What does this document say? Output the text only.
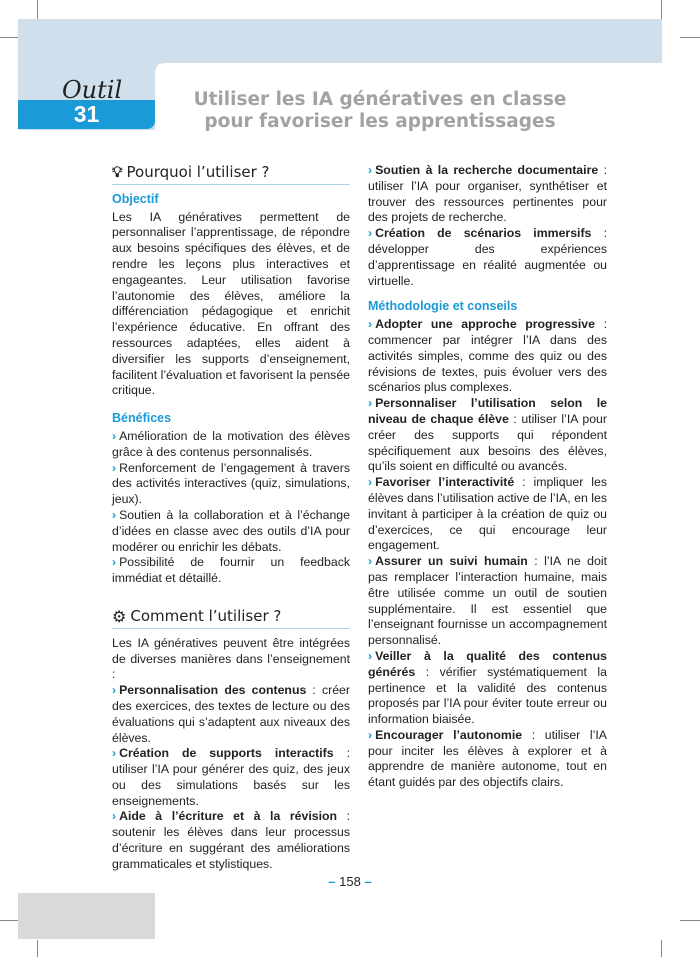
Outil
31
Utiliser les IA génératives en classe
pour favoriser les apprentissages
💡︎ Pourquoi l’utiliser ?
Objectif

Les IA génératives permettent de personnaliser l’apprentissage, de répondre aux besoins spécifiques des élèves, et de rendre les leçons plus interactives et engageantes. Leur utilisation favorise l’autonomie des élèves, améliore la différenciation pédagogique et enrichit l’expérience éducative. En offrant des ressources adaptées, elles aident à diversifier les supports d’enseignement, facilitent l’évaluation et favorisent la pensée critique.

Bénéfices

› Amélioration de la motivation des élèves grâce à des contenus personnalisés.

› Renforcement de l’engagement à travers des activités interactives (quiz, simulations, jeux).

› Soutien à la collaboration et à l’échange d’idées en classe avec des outils d’IA pour modérer ou enrichir les débats.

› Possibilité de fournir un feedback immédiat et détaillé.

⚙ Comment l’utiliser ?

Les IA génératives peuvent être intégrées de diverses manières dans l’enseignement :

› Personnalisation des contenus : créer des exercices, des textes de lecture ou des évaluations qui s’adaptent aux niveaux des élèves.

› Création de supports interactifs : utiliser l’IA pour générer des quiz, des jeux ou des simulations basés sur les enseignements.

› Aide à l’écriture et à la révision : soutenir les élèves dans leur processus d’écriture en suggérant des améliorations grammaticales et stylistiques.

› Soutien à la recherche documentaire : utiliser l’IA pour organiser, synthétiser et trouver des ressources pertinentes pour des projets de recherche.

› Création de scénarios immersifs : développer des expériences d’apprentissage en réalité augmentée ou virtuelle.

Méthodologie et conseils

› Adopter une approche progressive : commencer par intégrer l’IA dans des activités simples, comme des quiz ou des révisions de textes, puis évoluer vers des scénarios plus complexes.

› Personnaliser l’utilisation selon le niveau de chaque élève : utiliser l’IA pour créer des supports qui répondent spécifiquement aux besoins des élèves, qu’ils soient en difficulté ou avancés.

› Favoriser l’interactivité : impliquer les élèves dans l’utilisation active de l’IA, en les invitant à participer à la création de quiz ou d’exercices, ce qui encourage leur engagement.

› Assurer un suivi humain : l’IA ne doit pas remplacer l’interaction humaine, mais être utilisée comme un outil de soutien supplémentaire. Il est essentiel que l’enseignant fournisse un accompagnement personnalisé.

› Veiller à la qualité des contenus générés : vérifier systématiquement la pertinence et la validité des contenus proposés par l’IA pour éviter toute erreur ou information biaisée.

› Encourager l’autonomie : utiliser l’IA pour inciter les élèves à explorer et à apprendre de manière autonome, tout en étant guidés par des objectifs clairs.

– 158 –
